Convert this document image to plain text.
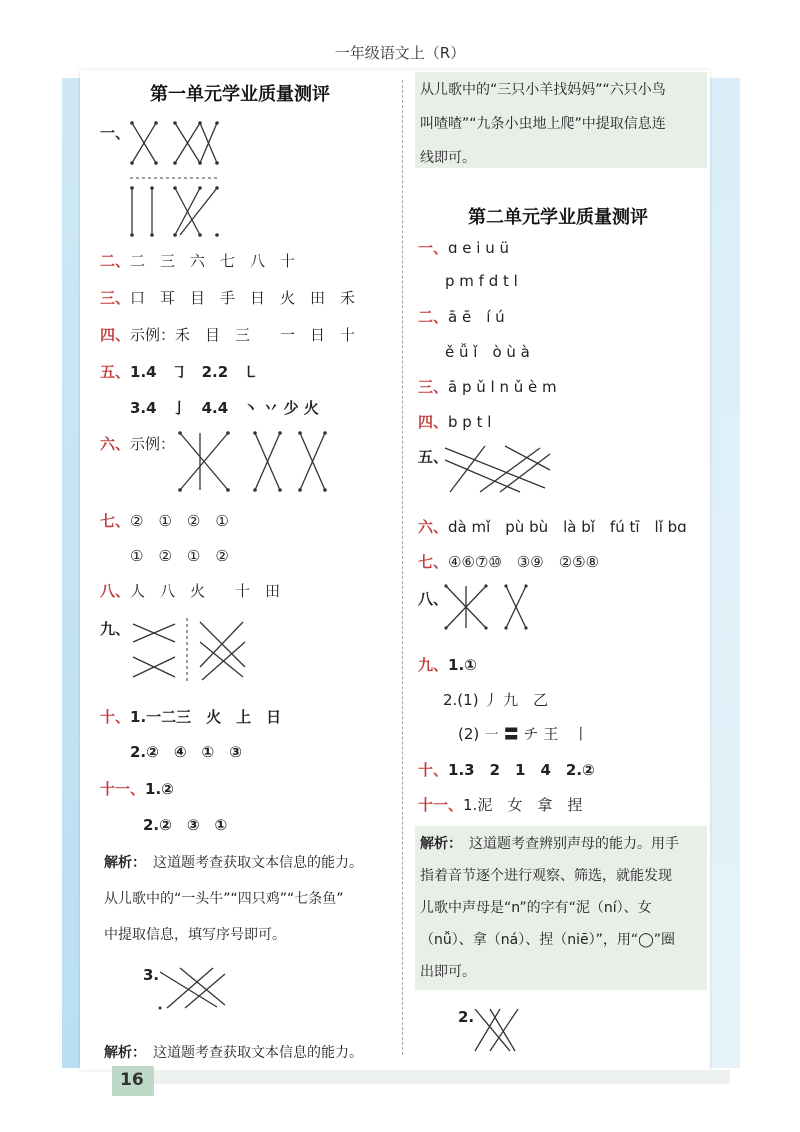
一年级语文上（R）
第一单元学业质量测评
一、
二、二　三　六　七　八　十
三、口　耳　目　手　日　火　田　禾
四、示例：禾　目　三　　一　日　十
五、1.4　㇆　2.2　㇄
3.4　亅　4.4　丶 丷 少 火
六、示例：
七、②　①　②　①
①　②　①　②
八、人　八　火　　十　田
九、
十、1.一二三　火　上　日
2.②　④　①　③
十一、1.②
2.②　③　①
解析：　 这道题考查获取文本信息的能力。
从儿歌中的“一头牛”“四只鸡”“七条鱼”
中提取信息，填写序号即可。
3.
解析：　 这道题考查获取文本信息的能力。
从儿歌中的“三只小羊找妈妈”“六只小鸟
叫喳喳”“九条小虫地上爬”中提取信息连
线即可。
第二单元学业质量测评
一、ɑ e i u ü
p m f d t l
二、ā ē　í ú
ě ǚ ǐ　ò ù à
三、ā p ǔ l n ǔ è m
四、b p t l
五、
六、dà mǐ　pù bù　là bǐ　fú tī　lǐ bɑ
七、④⑥⑦⑩　③⑨　②⑤⑧
八、
九、1.①
2.(1) 丿 九　乙
(2) ㇐ 〓 チ 王　丨
十、1.3　2　1　4　2.②
十一、1.泥　女　拿　捏
解析：　 这道题考查辨别声母的能力。用手
指着音节逐个进行观察、筛选，就能发现
儿歌中声母是“n”的字有“泥（ní）、女
（nǚ）、拿（ná）、捏（niē）”，用“◯”圈
出即可。
2.
16
